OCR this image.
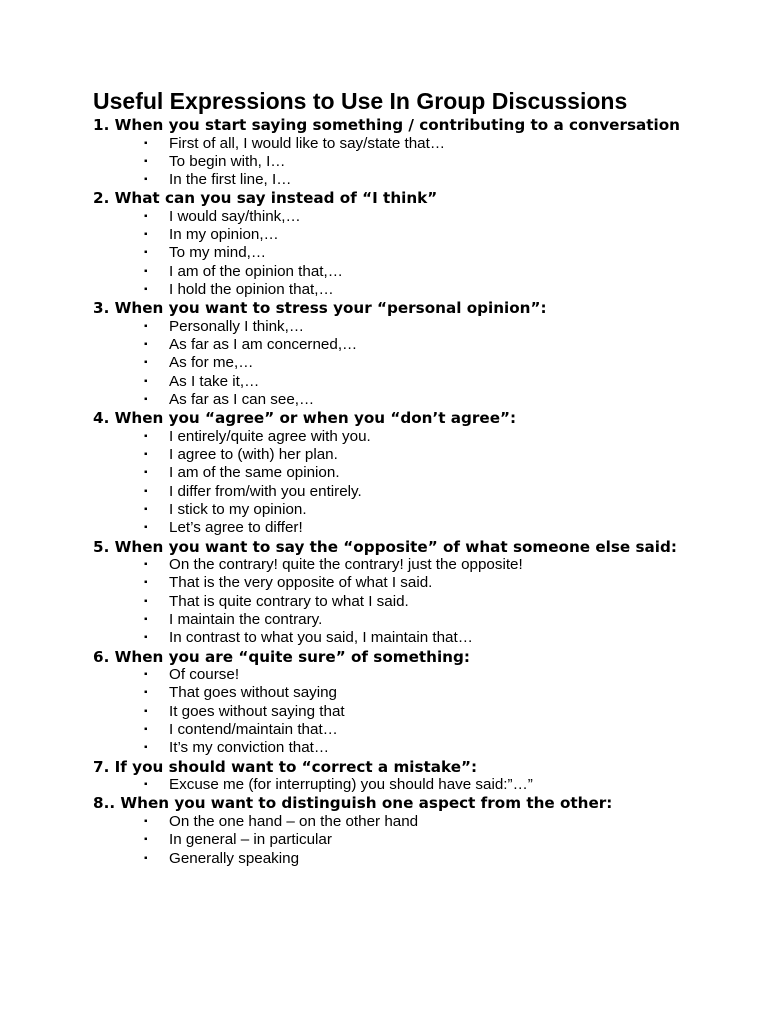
Useful Expressions to Use In Group Discussions
1. When you start saying something / contributing to a conversation
▪ First of all, I would like to say/state that…
▪ To begin with, I…
▪ In the first line, I…
2. What can you say instead of “I think”
▪ I would say/think,…
▪ In my opinion,…
▪ To my mind,…
▪ I am of the opinion that,…
▪ I hold the opinion that,…
3. When you want to stress your “personal opinion”:
▪ Personally I think,…
▪ As far as I am concerned,…
▪ As for me,…
▪ As I take it,…
▪ As far as I can see,…
4. When you “agree” or when you “don’t agree”:
▪ I entirely/quite agree with you.
▪ I agree to (with) her plan.
▪ I am of the same opinion.
▪ I differ from/with you entirely.
▪ I stick to my opinion.
▪ Let’s agree to differ!
5. When you want to say the “opposite” of what someone else said:
▪ On the contrary! quite the contrary! just the opposite!
▪ That is the very opposite of what I said.
▪ That is quite contrary to what I said.
▪ I maintain the contrary.
▪ In contrast to what you said, I maintain that…
6. When you are “quite sure” of something:
▪ Of course!
▪ That goes without saying
▪ It goes without saying that
▪ I contend/maintain that…
▪ It’s my conviction that…
7. If you should want to “correct a mistake”:
▪ Excuse me (for interrupting) you should have said:”…”
8.. When you want to distinguish one aspect from the other:
▪ On the one hand – on the other hand
▪ In general – in particular
▪ Generally speaking
